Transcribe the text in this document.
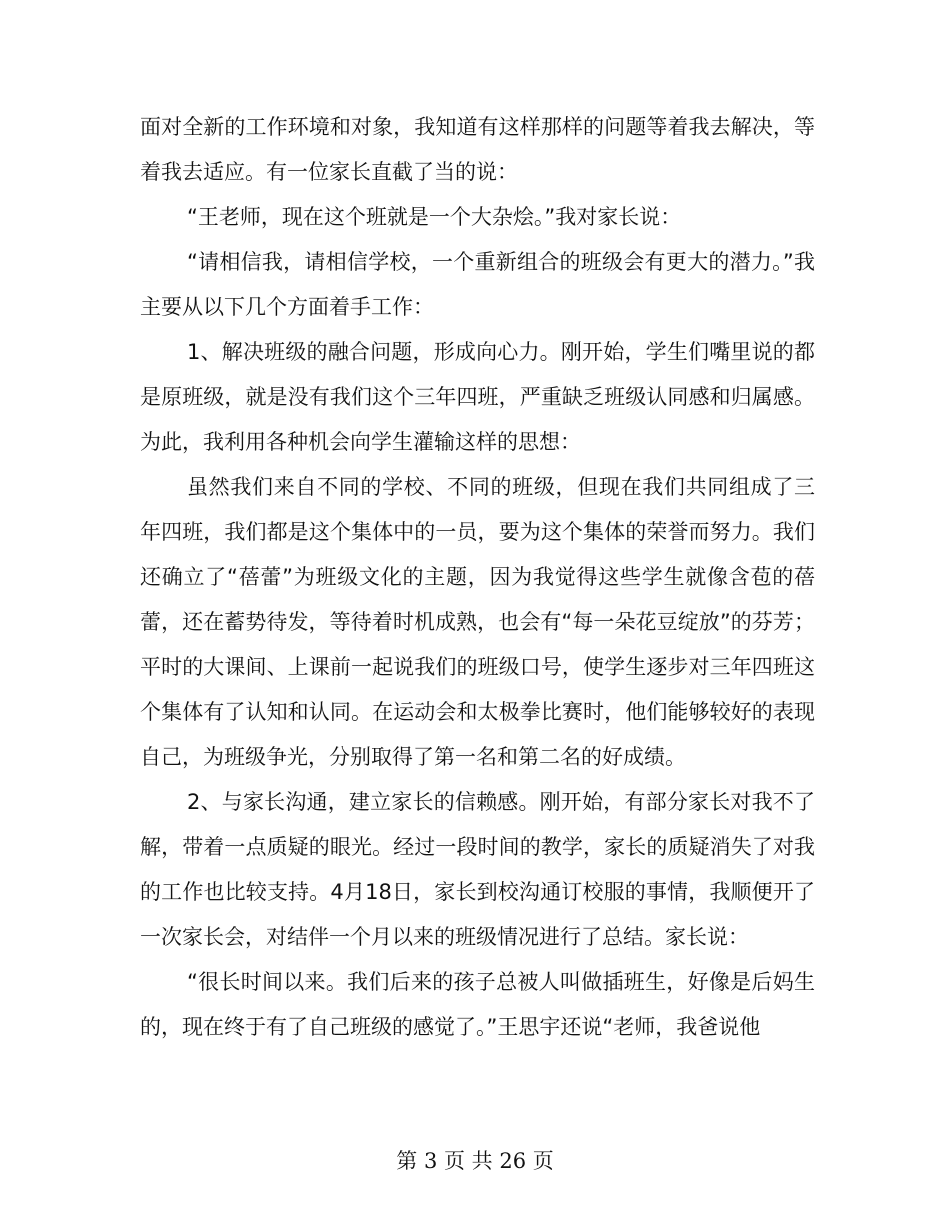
面对全新的工作环境和对象，我知道有这样那样的问题等着我去解决，等着我去适应。有一位家长直截了当的说：

“王老师，现在这个班就是一个大杂烩。”我对家长说：

“请相信我，请相信学校，一个重新组合的班级会有更大的潜力。”我主要从以下几个方面着手工作：

1、解决班级的融合问题，形成向心力。刚开始，学生们嘴里说的都是原班级，就是没有我们这个三年四班，严重缺乏班级认同感和归属感。为此，我利用各种机会向学生灌输这样的思想：

虽然我们来自不同的学校、不同的班级，但现在我们共同组成了三年四班，我们都是这个集体中的一员，要为这个集体的荣誉而努力。我们还确立了“蓓蕾”为班级文化的主题，因为我觉得这些学生就像含苞的蓓蕾，还在蓄势待发，等待着时机成熟，也会有“每一朵花豆绽放”的芬芳；平时的大课间、上课前一起说我们的班级口号，使学生逐步对三年四班这个集体有了认知和认同。在运动会和太极拳比赛时，他们能够较好的表现自己，为班级争光，分别取得了第一名和第二名的好成绩。

2、与家长沟通，建立家长的信赖感。刚开始，有部分家长对我不了解，带着一点质疑的眼光。经过一段时间的教学，家长的质疑消失了对我的工作也比较支持。4月18日，家长到校沟通订校服的事情，我顺便开了一次家长会，对结伴一个月以来的班级情况进行了总结。家长说：

“很长时间以来。我们后来的孩子总被人叫做插班生，好像是后妈生的，现在终于有了自己班级的感觉了。”王思宇还说“老师，我爸说他

第 3 页 共 26 页
